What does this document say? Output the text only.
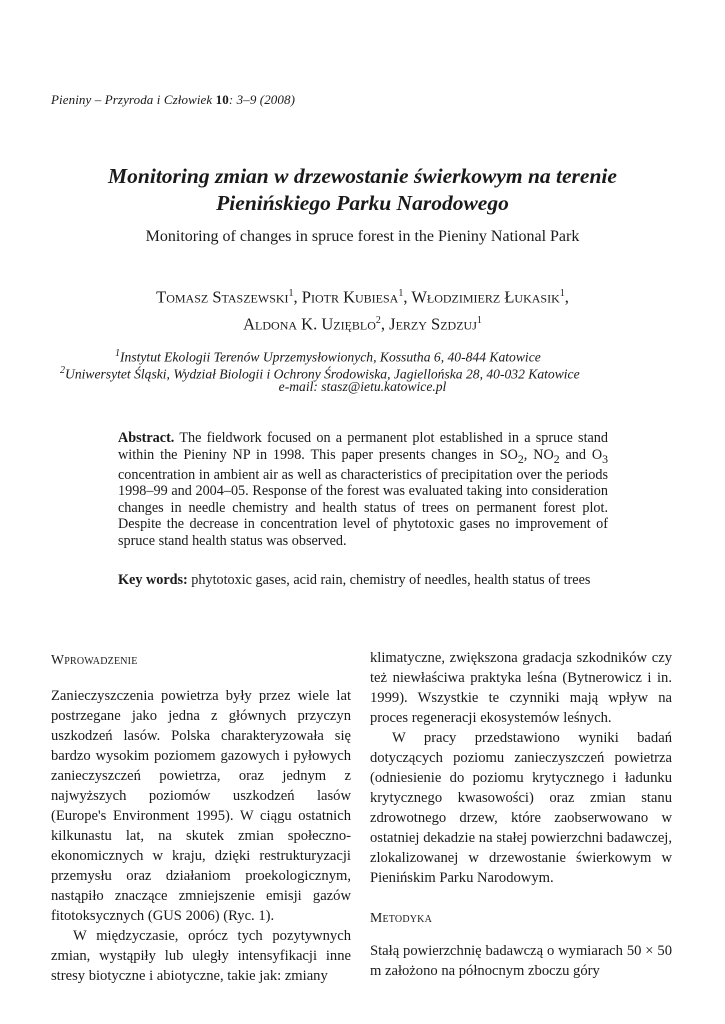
Pieniny – Przyroda i Człowiek 10: 3–9 (2008)
Monitoring zmian w drzewostanie świerkowym na terenie
Pienińskiego Parku Narodowego
Monitoring of changes in spruce forest in the Pieniny National Park
Tomasz Staszewski$^1$, Piotr Kubiesa$^1$, Włodzimierz Łukasik$^1$,
Aldona K. Uzięblo$^2$, Jerzy Szdzuj$^1$
$^1$Instytut Ekologii Terenów Uprzemysłowionych, Kossutha 6, 40-844 Katowice
$^2$Uniwersytet Śląski, Wydział Biologii i Ochrony Środowiska, Jagiellońska 28, 40-032 Katowice
e-mail: stasz@ietu.katowice.pl
Abstract. The fieldwork focused on a permanent plot established in a spruce stand within the Pieniny NP in 1998. This paper presents changes in $SO_2$, $NO_2$ and $O_3$ concentration in ambient air as well as characteristics of precipitation over the periods 1998–99 and 2004–05. Response of the forest was evaluated taking into consideration changes in needle chemistry and health status of trees on permanent forest plot. Despite the decrease in concentration level of phytotoxic gases no improvement of spruce stand health status was observed.
Key words: phytotoxic gases, acid rain, chemistry of needles, health status of trees
Wprowadzenie

Zanieczyszczenia powietrza były przez wiele lat postrzegane jako jedna z głównych przyczyn uszkodzeń lasów. Polska charakteryzowała się bardzo wysokim poziomem gazowych i pyłowych zanieczyszczeń powietrza, oraz jednym z najwyższych poziomów uszkodzeń lasów (Europe's Environment 1995). W ciągu ostatnich kilkunastu lat, na skutek zmian społeczno-ekonomicznych w kraju, dzięki restrukturyzacji przemysłu oraz działaniom proekologicznym, nastąpiło znaczące zmniejszenie emisji gazów fitotoksycznych (GUS 2006) (Ryc. 1).

W międzyczasie, oprócz tych pozytywnych zmian, wystąpiły lub uległy intensyfikacji inne stresy biotyczne i abiotyczne, takie jak: zmiany

klimatyczne, zwiększona gradacja szkodników czy też niewłaściwa praktyka leśna (Bytnerowicz i in. 1999). Wszystkie te czynniki mają wpływ na proces regeneracji ekosystemów leśnych.

W pracy przedstawiono wyniki badań dotyczących poziomu zanieczyszczeń powietrza (odniesienie do poziomu krytycznego i ładunku krytycznego kwasowości) oraz zmian stanu zdrowotnego drzew, które zaobserwowano w ostatniej dekadzie na stałej powierzchni badawczej, zlokalizowanej w drzewostanie świerkowym w Pienińskim Parku Narodowym.

Metodyka

Stałą powierzchnię badawczą o wymiarach 50 × 50 m założono na północnym zboczu góry
